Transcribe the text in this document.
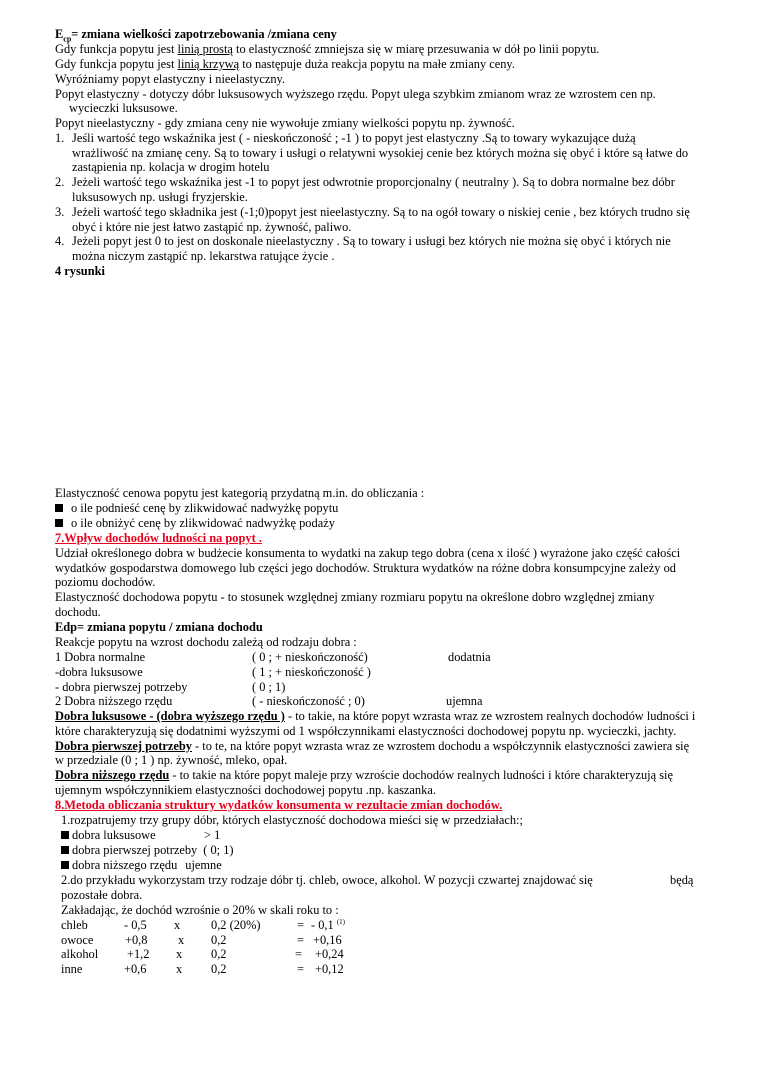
$E_{cp}=$ zmiana wielkości zapotrzebowania /zmiana ceny
Gdy funkcja popytu jest linią prostą to elastyczność zmniejsza się w miarę przesuwania w dół po linii popytu.
Gdy funkcja popytu jest linią krzywą to następuje duża reakcja popytu na małe zmiany ceny.
Wyróżniamy popyt elastyczny i nieelastyczny.
Popyt elastyczny - dotyczy dóbr luksusowych wyższego rzędu. Popyt ulega szybkim zmianom wraz ze wzrostem cen np.
wycieczki luksusowe.
Popyt nieelastyczny - gdy zmiana ceny nie wywołuje zmiany wielkości popytu np. żywność.
1. Jeśli wartość tego wskaźnika jest ( - nieskończoność ; -1 ) to popyt jest elastyczny .Są to towary wykazujące dużą
wrażliwość na zmianę ceny. Są to towary i usługi o relatywni wysokiej cenie bez których można się obyć i które są łatwe do
zastąpienia np. kolacja w drogim hotelu
2. Jeżeli wartość tego wskaźnika jest -1 to popyt jest odwrotnie proporcjonalny ( neutralny ). Są to dobra normalne bez dóbr
luksusowych np. usługi fryzjerskie.
3. Jeżeli wartość tego składnika jest (-1;0)popyt jest nieelastyczny. Są to na ogół towary o niskiej cenie , bez których trudno się
obyć i które nie jest łatwo zastąpić np. żywność, paliwo.
4. Jeżeli popyt jest 0 to jest on doskonale nieelastyczny . Są to towary i usługi bez których nie można się obyć i których nie
można niczym zastąpić np. lekarstwa ratujące życie .
4 rysunki
Elastyczność cenowa popytu jest kategorią przydatną m.in. do obliczania :
o ile podnieść cenę by zlikwidować nadwyżkę popytu
o ile obniżyć cenę by zlikwidować nadwyżkę podaży
7.Wpływ dochodów ludności na popyt .
Udział określonego dobra w budżecie konsumenta to wydatki na zakup tego dobra (cena x ilość ) wyrażone jako część całości
wydatków gospodarstwa domowego lub części jego dochodów. Struktura wydatków na różne dobra konsumpcyjne zależy od
poziomu dochodów.
Elastyczność dochodowa popytu - to stosunek względnej zmiany rozmiaru popytu na określone dobro względnej zmiany
dochodu.
Edp= zmiana popytu / zmiana dochodu
Reakcje popytu na wzrost dochodu zależą od rodzaju dobra :
1 Dobra normalne	( 0 ; + nieskończoność)	dodatnia
-dobra luksusowe	( 1 ; + nieskończoność )
- dobra pierwszej potrzeby	( 0 ; 1)
2 Dobra niższego rzędu	( - nieskończoność ; 0)	ujemna
Dobra luksusowe - (dobra wyższego rzędu ) - to takie, na które popyt wzrasta wraz ze wzrostem realnych dochodów ludności i
które charakteryzują się dodatnimi wyższymi od 1 współczynnikami elastyczności dochodowej popytu np. wycieczki, jachty.
Dobra pierwszej potrzeby - to te, na które popyt wzrasta wraz ze wzrostem dochodu a współczynnik elastyczności zawiera się
w przedziale (0 ; 1 ) np. żywność, mleko, opał.
Dobra niższego rzędu - to takie na które popyt maleje przy wzroście dochodów realnych ludności i które charakteryzują się
ujemnym współczynnikiem elastyczności dochodowej popytu .np. kaszanka.
8.Metoda obliczania struktury wydatków konsumenta w rezultacie zmian dochodów.
1.rozpatrujemy trzy grupy dóbr, których elastyczność dochodowa mieści się w przedziałach:;
dobra luksusowe	> 1
dobra pierwszej potrzeby ( 0; 1)
dobra niższego rzędu ujemne
2.do przykładu wykorzystam trzy rodzaje dóbr tj. chleb, owoce, alkohol. W pozycji czwartej znajdować się	będą
pozostałe dobra.
Zakładając, że dochód wzrośnie o 20% w skali roku to :
chleb	- 0,5 x 0,2 (20%)	= - 0,1 $^{(1)}$
owoce	+0,8 x 0,2	= +0,16
alkohol +1,2 x 0,2	= +0,24
inne	+0,6 x 0,2	= +0,12
